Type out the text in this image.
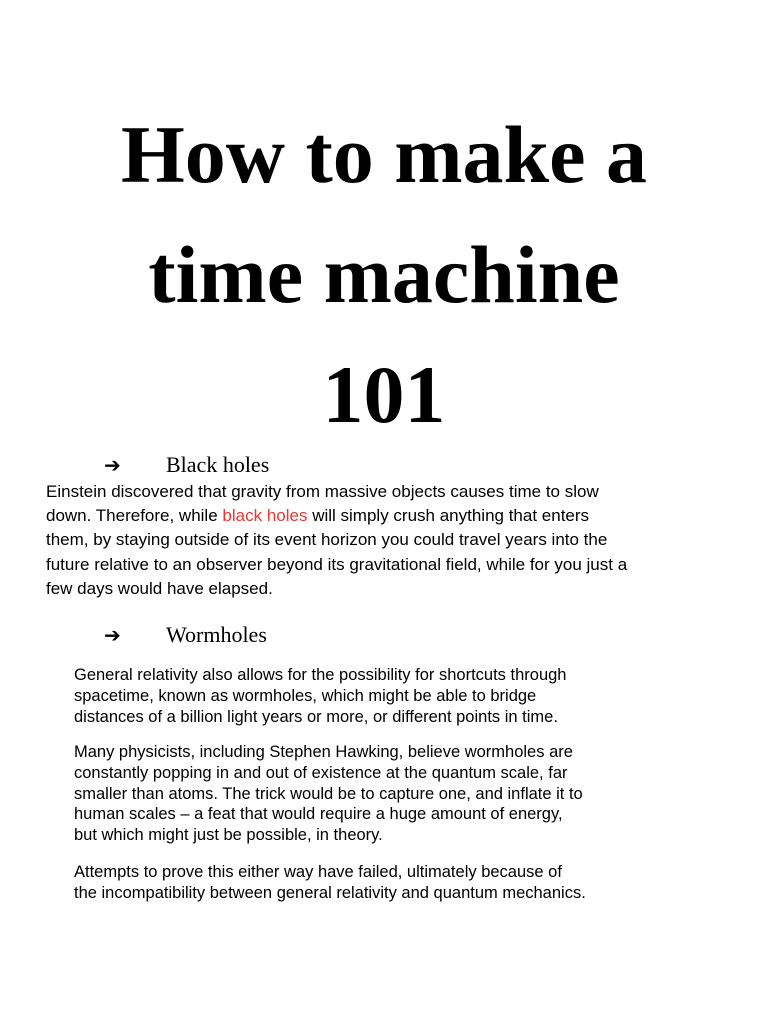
How to make a
time machine
101
➔ Black holes

Einstein discovered that gravity from massive objects causes time to slow
down. Therefore, while black holes will simply crush anything that enters
them, by staying outside of its event horizon you could travel years into the
future relative to an observer beyond its gravitational field, while for you just a
few days would have elapsed.

➔ Wormholes

General relativity also allows for the possibility for shortcuts through
spacetime, known as wormholes, which might be able to bridge
distances of a billion light years or more, or different points in time.

Many physicists, including Stephen Hawking, believe wormholes are
constantly popping in and out of existence at the quantum scale, far
smaller than atoms. The trick would be to capture one, and inflate it to
human scales – a feat that would require a huge amount of energy,
but which might just be possible, in theory.

Attempts to prove this either way have failed, ultimately because of
the incompatibility between general relativity and quantum mechanics.
